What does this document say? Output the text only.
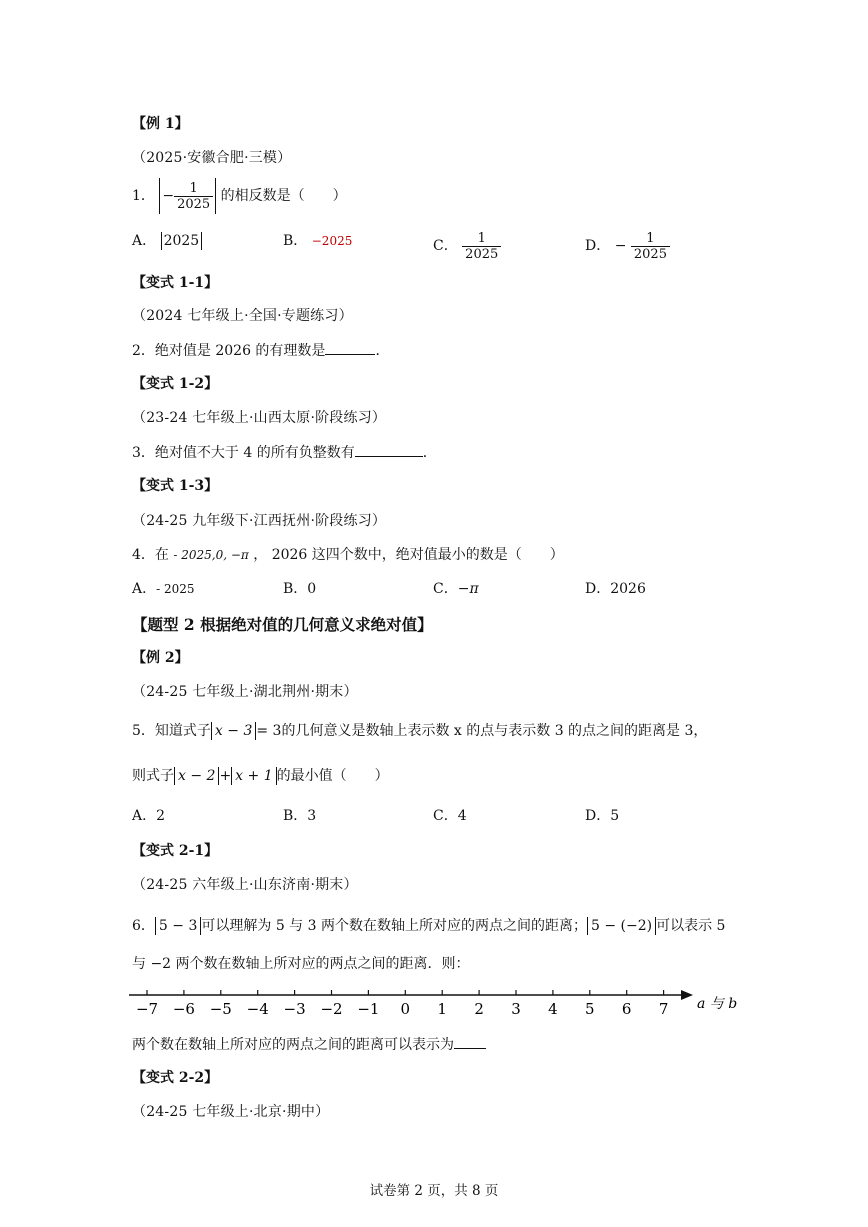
【例 1】
（2025·安徽合肥·三模）
1． − $\frac{1}{2025}$ 的相反数是（　　）
A． 2025	B． −2025	C． $\frac{1}{2025}$	D． − $\frac{1}{2025}$
【变式 1-1】
（2024 七年级上·全国·专题练习）
2．绝对值是 2026 的有理数是	．
【变式 1-2】
（23-24 七年级上·山西太原·阶段练习）
3．绝对值不大于 4 的所有负整数有	．
【变式 1-3】
（24-25 九年级下·江西抚州·阶段练习）
4．在 - 2025,0, −π ， 2026 这四个数中，绝对值最小的数是（　　）
A．- 2025	B．0	C．−π	D．2026
【题型 2 根据绝对值的几何意义求绝对值】
【例 2】
（24-25 七年级上·湖北荆州·期末）
5．知道式子 x − 3 = 3的几何意义是数轴上表示数 x 的点与表示数 3 的点之间的距离是 3，
则式子 x − 2 + x + 1 的最小值（　　）
A．2	B．3	C．4	D．5
【变式 2-1】
（24-25 六年级上·山东济南·期末）
6． 5 − 3 可以理解为 5 与 3 两个数在数轴上所对应的两点之间的距离； 5 − (−2) 可以表示 5
与 −2 两个数在数轴上所对应的两点之间的距离．则：
−7 −6 −5 −4 −3 −2 −1 0 1 2 3 4 5 6 7 a 与 b
两个数在数轴上所对应的两点之间的距离可以表示为
【变式 2-2】
（24-25 七年级上·北京·期中）
试卷第 2 页，共 8 页
